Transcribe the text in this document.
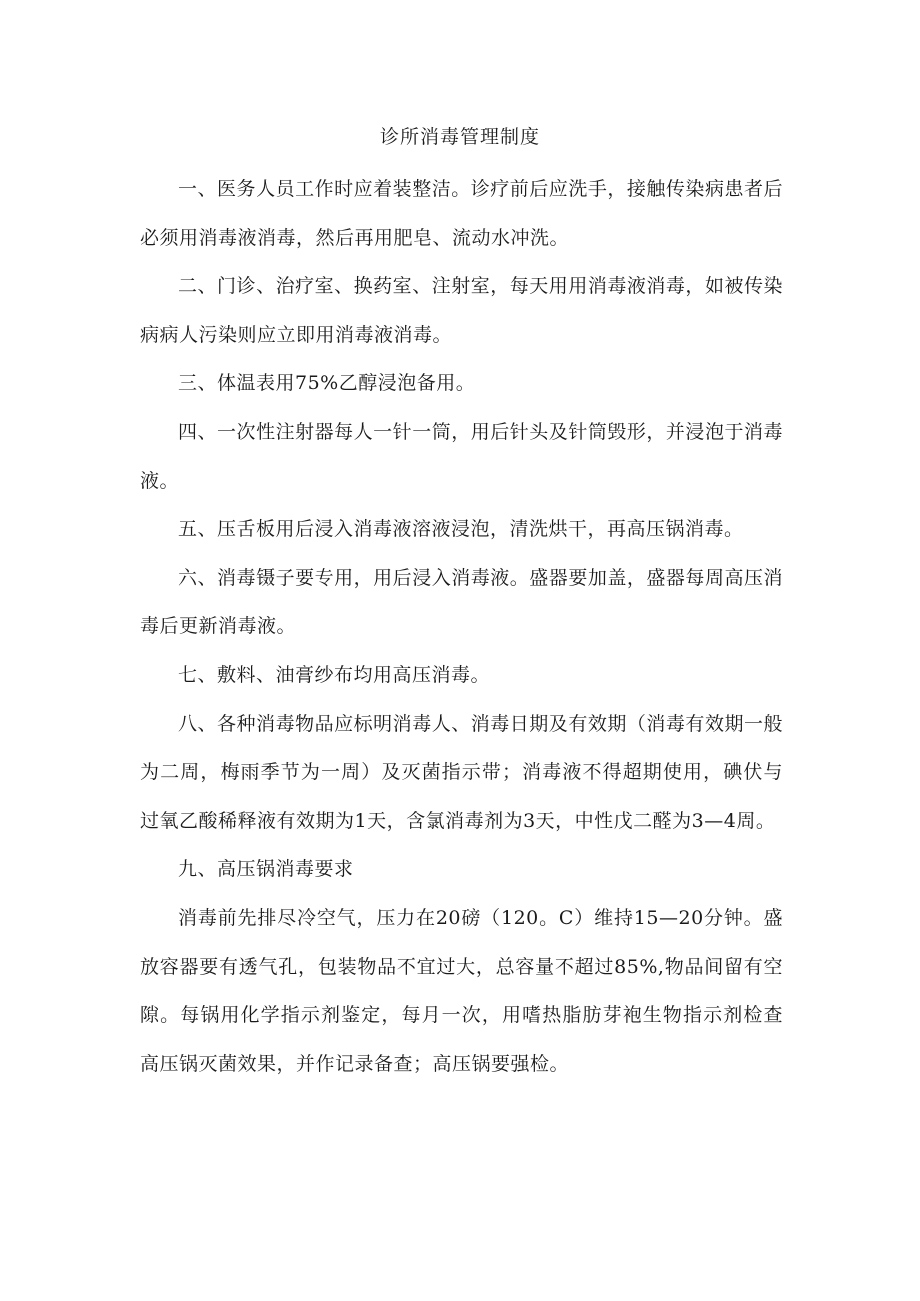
诊所消毒管理制度

一、医务人员工作时应着装整洁。诊疗前后应洗手，接触传染病患者后必须用消毒液消毒，然后再用肥皂、流动水冲洗。

二、门诊、治疗室、换药室、注射室，每天用用消毒液消毒，如被传染病病人污染则应立即用消毒液消毒。

三、体温表用75%乙醇浸泡备用。

四、一次性注射器每人一针一筒，用后针头及针筒毁形，并浸泡于消毒液。

五、压舌板用后浸入消毒液溶液浸泡，清洗烘干，再高压锅消毒。

六、消毒镊子要专用，用后浸入消毒液。盛器要加盖，盛器每周高压消毒后更新消毒液。

七、敷料、油膏纱布均用高压消毒。

八、各种消毒物品应标明消毒人、消毒日期及有效期（消毒有效期一般为二周，梅雨季节为一周）及灭菌指示带；消毒液不得超期使用，碘伏与过氧乙酸稀释液有效期为1天，含氯消毒剂为3天，中性戊二醛为3—4周。

九、高压锅消毒要求

消毒前先排尽冷空气，压力在20磅（120。C）维持15—20分钟。盛放容器要有透气孔，包装物品不宜过大，总容量不超过85%,物品间留有空隙。每锅用化学指示剂鉴定，每月一次，用嗜热脂肪芽袍生物指示剂检查高压锅灭菌效果，并作记录备查；高压锅要强检。
